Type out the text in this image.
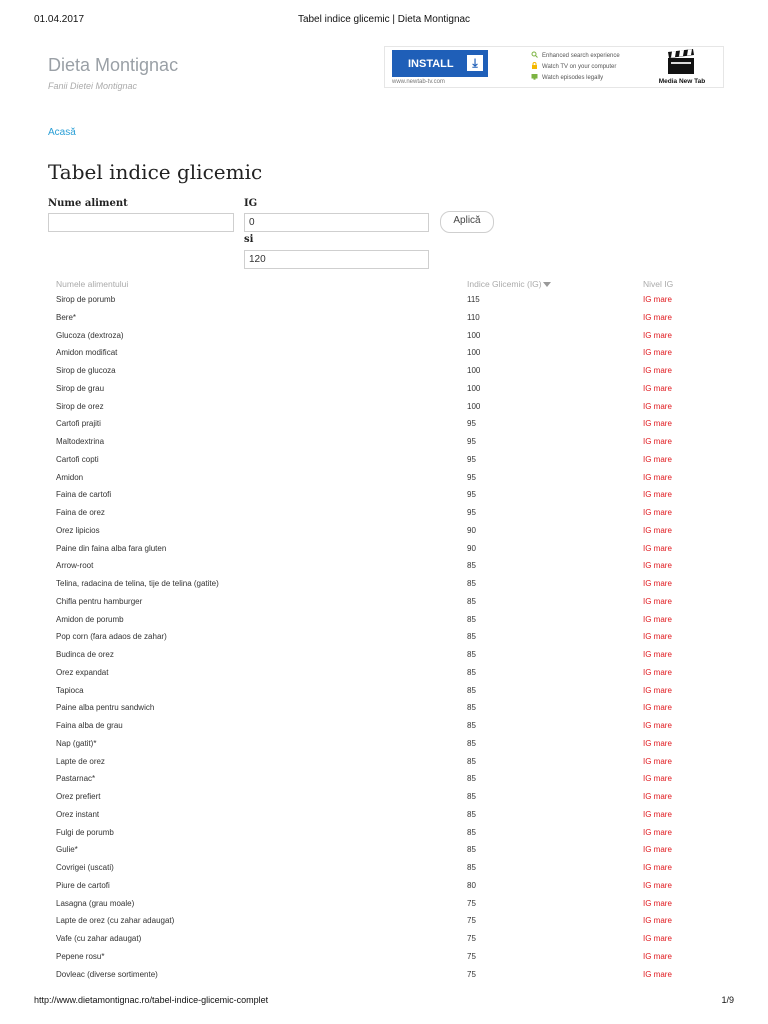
01.04.2017	Tabel indice glicemic | Dieta Montignac
Dieta Montignac
Fanii Dietei Montignac
INSTALL	⤓
www.newtab-tv.com
Enhanced search experience
Watch TV on your computer
Watch episodes legally	Media New Tab
Acasă
Tabel indice glicemic
Nume aliment	IG
0
si
120
Aplică
Numele alimentului	Indice Glicemic (IG)	Nivel IG
Sirop de porumb	115	IG mare
Bere*	110	IG mare
Glucoza (dextroza)	100	IG mare
Amidon modificat	100	IG mare
Sirop de glucoza	100	IG mare
Sirop de grau	100	IG mare
Sirop de orez	100	IG mare
Cartofi prajiti	95	IG mare
Maltodextrina	95	IG mare
Cartofi copti	95	IG mare
Amidon	95	IG mare
Faina de cartofi	95	IG mare
Faina de orez	95	IG mare
Orez lipicios	90	IG mare
Paine din faina alba fara gluten	90	IG mare
Arrow-root	85	IG mare
Telina, radacina de telina, tije de telina (gatite)	85	IG mare
Chifla pentru hamburger	85	IG mare
Amidon de porumb	85	IG mare
Pop corn (fara adaos de zahar)	85	IG mare
Budinca de orez	85	IG mare
Orez expandat	85	IG mare
Tapioca	85	IG mare
Paine alba pentru sandwich	85	IG mare
Faina alba de grau	85	IG mare
Nap (gatit)*	85	IG mare
Lapte de orez	85	IG mare
Pastarnac*	85	IG mare
Orez prefiert	85	IG mare
Orez instant	85	IG mare
Fulgi de porumb	85	IG mare
Gulie*	85	IG mare
Covrigei (uscati)	85	IG mare
Piure de cartofi	80	IG mare
Lasagna (grau moale)	75	IG mare
Lapte de orez (cu zahar adaugat)	75	IG mare
Vafe (cu zahar adaugat)	75	IG mare
Pepene rosu*	75	IG mare
Dovleac (diverse sortimente)	75	IG mare
http://www.dietamontignac.ro/tabel-indice-glicemic-complet	1/9
